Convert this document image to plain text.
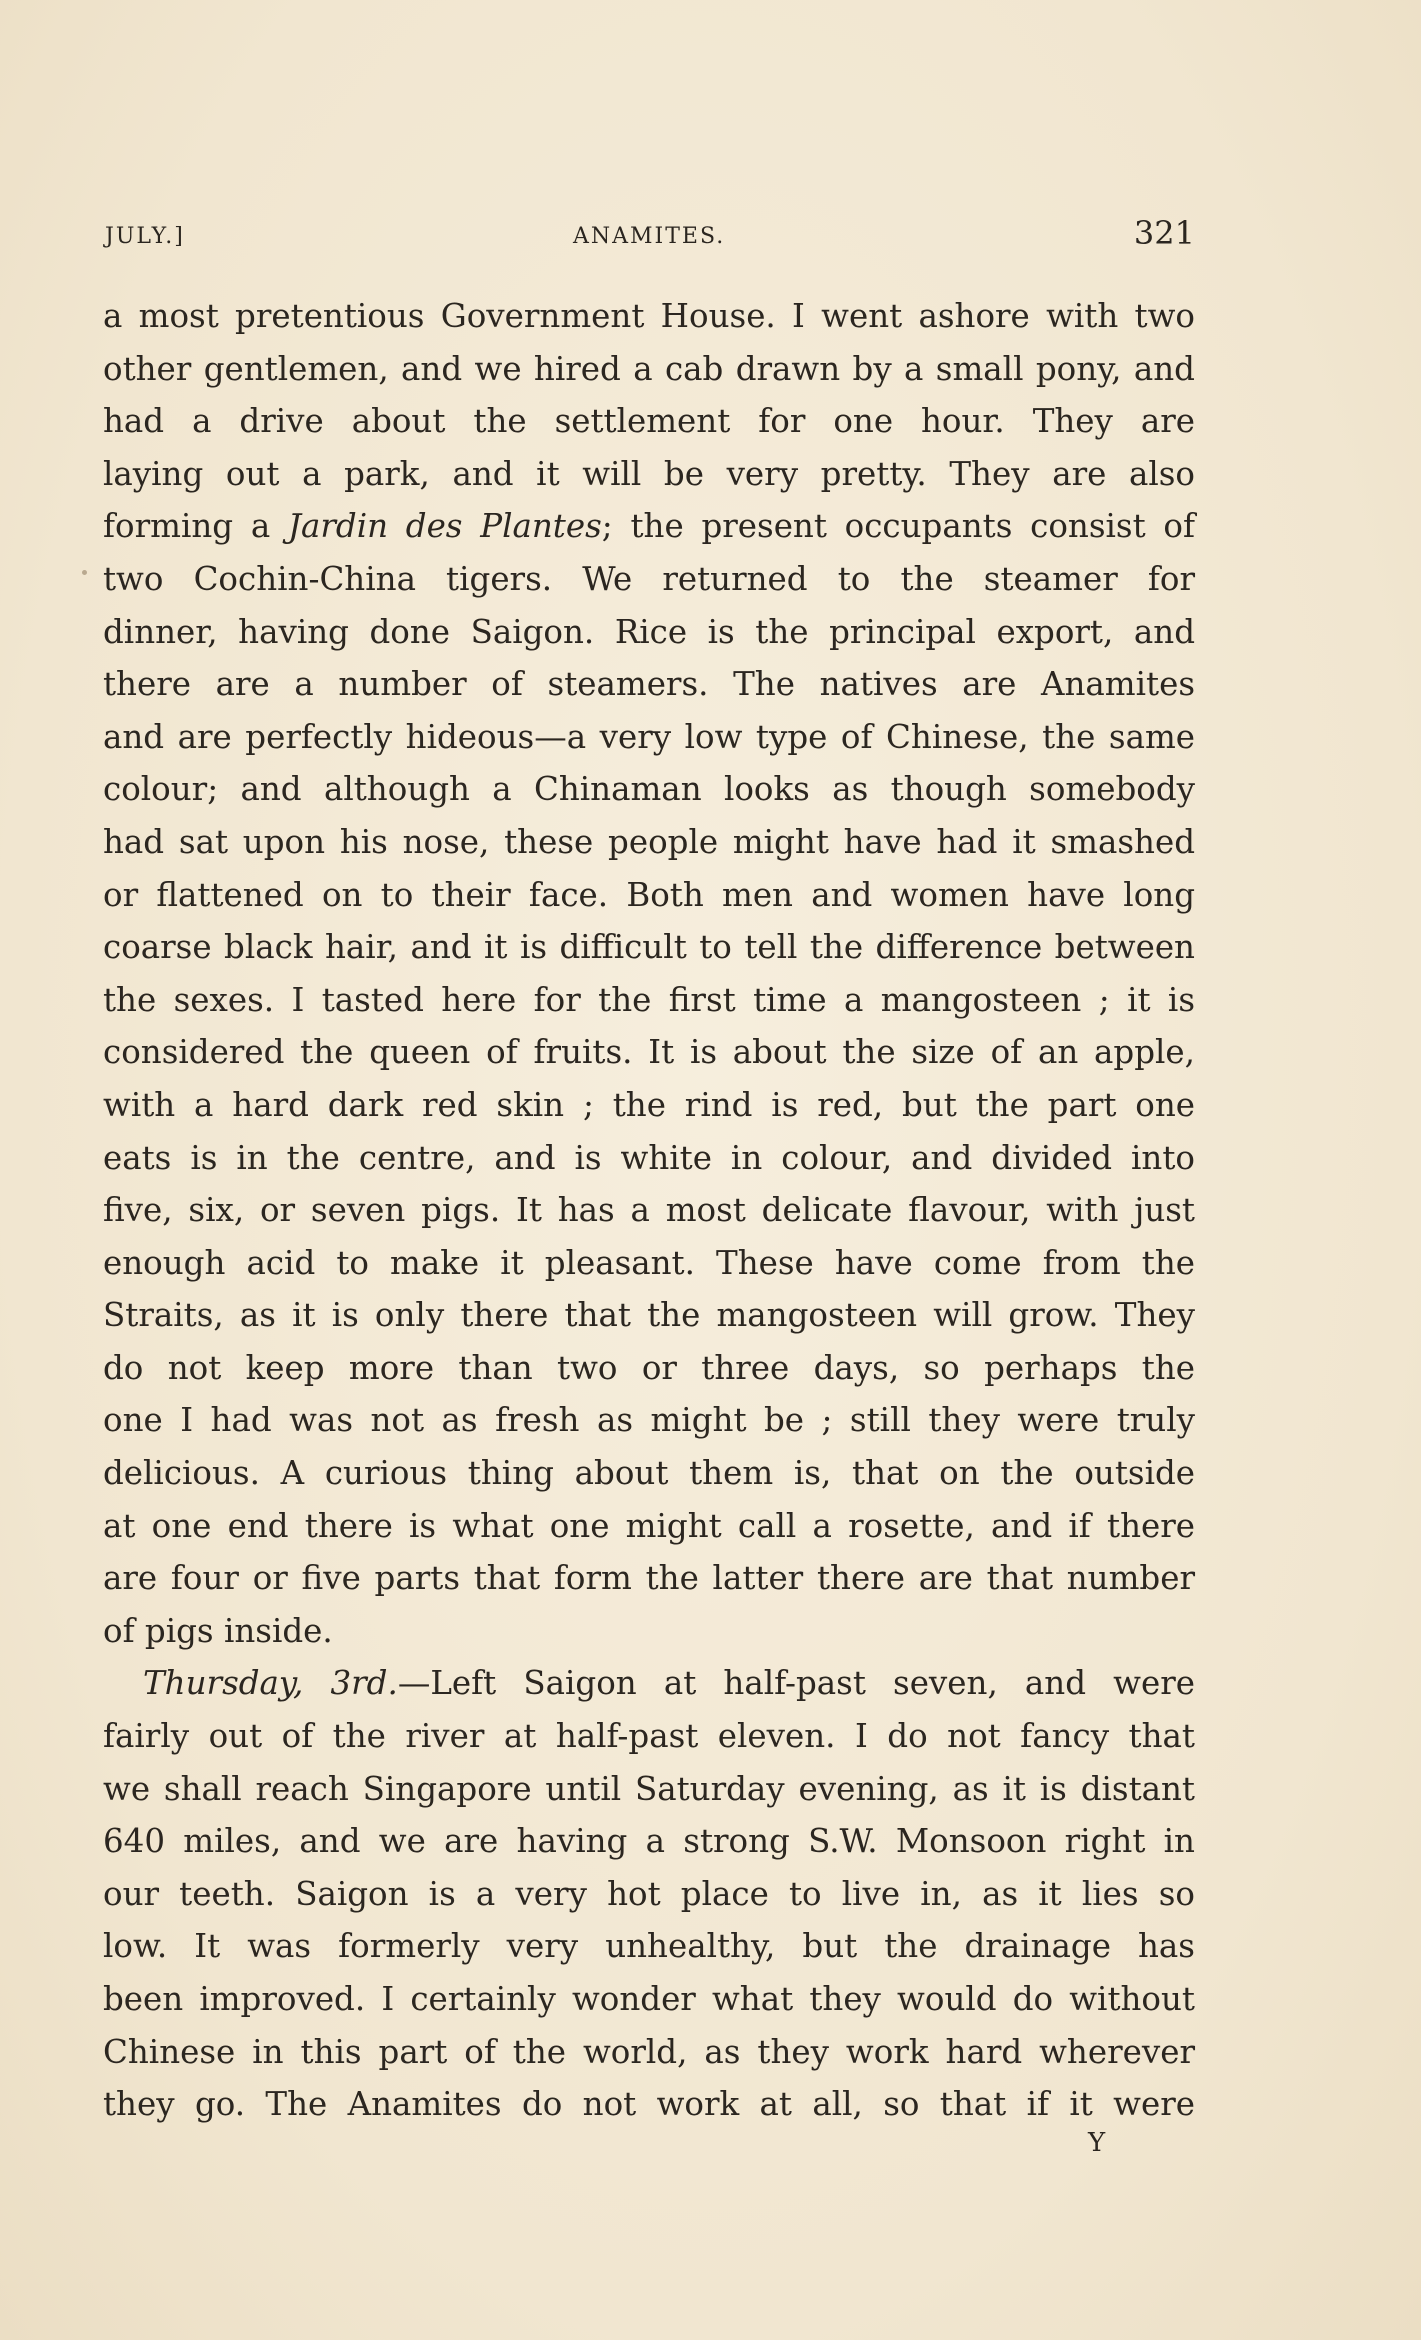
JULY.]	ANAMITES.	321
a most pretentious Government House. I went ashore with two
other gentlemen, and we hired a cab drawn by a small pony, and
had a drive about the settlement for one hour. They are
laying out a park, and it will be very pretty. They are also
forming a Jardin des Plantes; the present occupants consist of
two Cochin-China tigers. We returned to the steamer for
dinner, having done Saigon. Rice is the principal export, and
there are a number of steamers. The natives are Anamites
and are perfectly hideous—a very low type of Chinese, the same
colour; and although a Chinaman looks as though somebody
had sat upon his nose, these people might have had it smashed
or flattened on to their face. Both men and women have long
coarse black hair, and it is difficult to tell the difference between
the sexes. I tasted here for the first time a mangosteen ; it is
considered the queen of fruits. It is about the size of an apple,
with a hard dark red skin ; the rind is red, but the part one
eats is in the centre, and is white in colour, and divided into
five, six, or seven pigs. It has a most delicate flavour, with just
enough acid to make it pleasant. These have come from the
Straits, as it is only there that the mangosteen will grow. They
do not keep more than two or three days, so perhaps the
one I had was not as fresh as might be ; still they were truly
delicious. A curious thing about them is, that on the outside
at one end there is what one might call a rosette, and if there
are four or five parts that form the latter there are that number
of pigs inside.
Thursday, 3rd.—Left Saigon at half-past seven, and were
fairly out of the river at half-past eleven. I do not fancy that
we shall reach Singapore until Saturday evening, as it is distant
640 miles, and we are having a strong S.W. Monsoon right in
our teeth. Saigon is a very hot place to live in, as it lies so
low. It was formerly very unhealthy, but the drainage has
been improved. I certainly wonder what they would do without
Chinese in this part of the world, as they work hard wherever
they go. The Anamites do not work at all, so that if it were
Y
